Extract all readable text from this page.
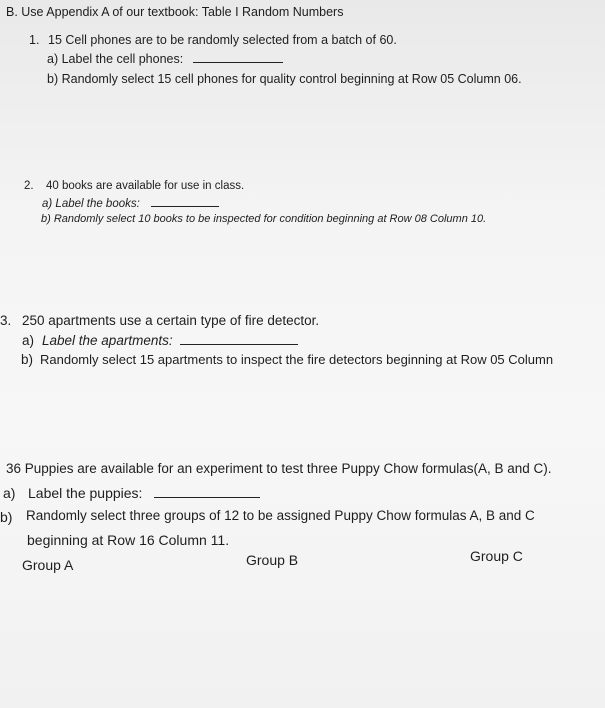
B. Use Appendix A of our textbook: Table I Random Numbers
1. 15 Cell phones are to be randomly selected from a batch of 60.
a) Label the cell phones:
b) Randomly select 15 cell phones for quality control beginning at Row 05 Column 06.
2. 40 books are available for use in class.
a) Label the books:
b) Randomly select 10 books to be inspected for condition beginning at Row 08 Column 10.
3. 250 apartments use a certain type of fire detector.
a) Label the apartments:
b) Randomly select 15 apartments to inspect the fire detectors beginning at Row 05 Column
36 Puppies are available for an experiment to test three Puppy Chow formulas(A, B and C).
a) Label the puppies:
b) Randomly select three groups of 12 to be assigned Puppy Chow formulas A, B and C
beginning at Row 16 Column 11.
Group A	Group B	Group C
